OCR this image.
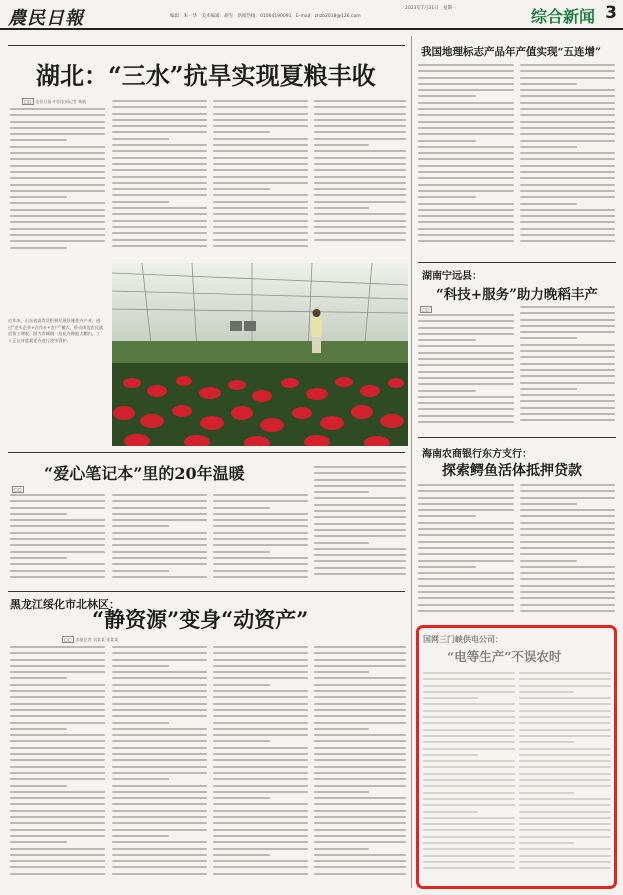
農民日報	编辑：朱一华　美术编辑：胡雪　新闻热线：01064190091　E-mail：zhzb2018@126.com
2023年7月31日　星期一	综合新闻 3
湖北：“三水”抗旱实现夏粮丰收
□□ 农民日报·中国农网记者 杨帆
近年来，山东省高青县积极发展设施花卉产业，通过“龙头企业+合作社+农户”模式，带动周边农民就近务工增收。图为青城镇一处花卉种植大棚内，工人正在对盆栽花卉进行浇水管护。
“爱心笔记本”里的20年温暖
□□
黑龙江绥化市北林区：
“静资源”变身“动资产”
□□ 本报记者 刘某某 张某某
我国地理标志产品年产值实现“五连增”
湖南宁远县：
“科技+服务”助力晚稻丰产
□□
海南农商银行东方支行：
探索鳄鱼活体抵押贷款
国网三门峡供电公司：
“电等生产”不误农时
